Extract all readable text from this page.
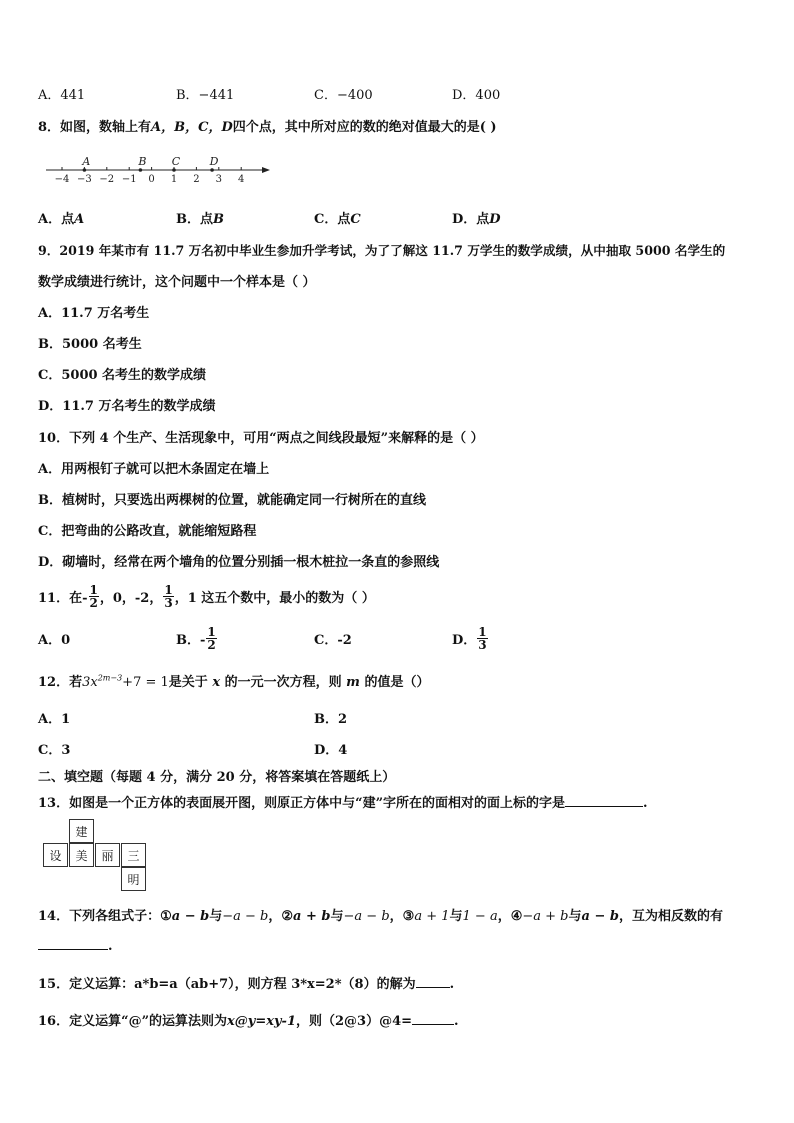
A．441	B．−441	C．−400	D．400
8．如图，数轴上有A，B，C，D四个点，其中所对应的数的绝对值最大的是( )
−4 −3 −2 −1 0 1 2 3 4
A	B C	D
A．点A	B．点B	C．点C	D．点D
9．2019 年某市有 11.7 万名初中毕业生参加升学考试，为了了解这 11.7 万学生的数学成绩，从中抽取 5000 名学生的
数学成绩进行统计，这个问题中一个样本是（ ）
A．11.7 万名考生
B．5000 名考生
C．5000 名考生的数学成绩
D．11.7 万名考生的数学成绩
10．下列 4 个生产、生活现象中，可用“两点之间线段最短”来解释的是（ ）
A．用两根钉子就可以把木条固定在墙上
B．植树时，只要选出两棵树的位置，就能确定同一行树所在的直线
C．把弯曲的公路改直，就能缩短路程
D．砌墙时，经常在两个墙角的位置分别插一根木桩拉一条直的参照线
11．在- $\frac{1}{2}$ ，0，-2， $\frac{1}{3}$ ，1 这五个数中，最小的数为（ ）
A．0	B．- $\frac{1}{2}$	C．-2	D． $\frac{1}{3}$
12．若$3x^{2m-3}+7 = 1$是关于 x 的一元一次方程，则 m 的值是（）
A．1	B．2
C．3	D．4
二、填空题（每题 4 分，满分 20 分，将答案填在答题纸上）
13．如图是一个正方体的表面展开图，则原正方体中与“建”字所在的面相对的面上标的字是	.
建
设	美	丽	三
明
14．下列各组式子：①a − b与−a − b，②a + b与−a − b，③a + 1与1 − a，④−a + b与a − b，互为相反数的有
.
15．定义运算：a*b=a（ab+7），则方程 3*x=2*（8）的解为	.
16．定义运算“@”的运算法则为x@y=xy-1，则（2@3）@4=	.
